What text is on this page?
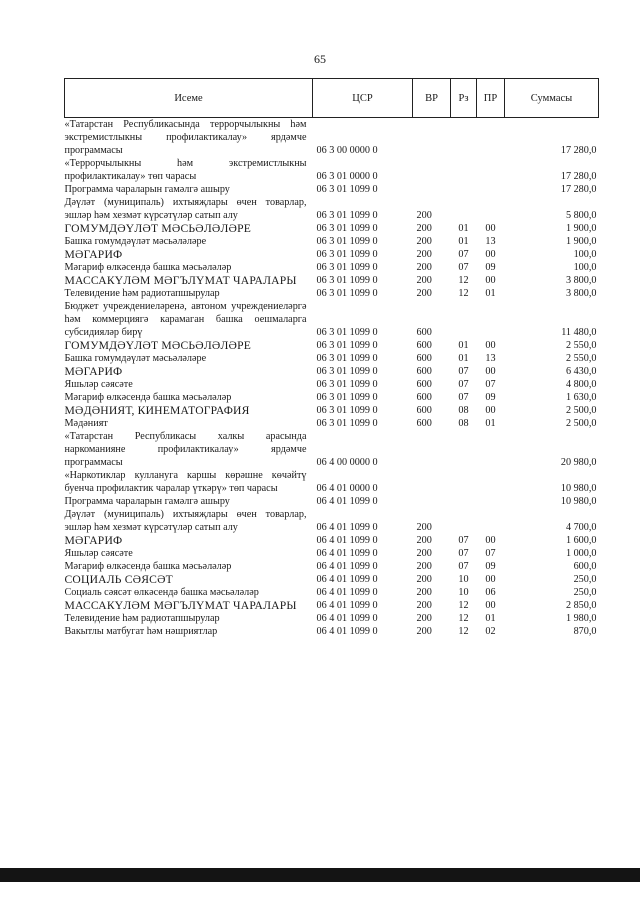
65
Исеме	ЦСР	ВР	Рз	ПР	Суммасы
«Татарстан Республикасында террорчылыкны һәм экстремистлыкны профилактикалау» ярдәмче программасы	06 3 00 0000 0				17 280,0
«Террорчылыкны һәм экстремистлыкны профилактикалау» төп чарасы	06 3 01 0000 0				17 280,0
Программа чараларын гамәлгә ашыру	06 3 01 1099 0				17 280,0
Дәүләт (муниципаль) ихтыяҗлары өчен товарлар, эшләр һәм хезмәт күрсәтүләр сатып алу	06 3 01 1099 0	200			5 800,0
ГОМУМДӘҮЛӘТ МӘСЬӘЛӘЛӘРЕ	06 3 01 1099 0	200	01	00	1 900,0
Башка гомумдәүләт мәсьәләләре	06 3 01 1099 0	200	01	13	1 900,0
МӘГАРИФ	06 3 01 1099 0	200	07	00	100,0
Мәгариф өлкәсендә башка мәсьәләләр	06 3 01 1099 0	200	07	09	100,0
МАССАКҮЛӘМ МӘГЪЛҮМАТ ЧАРАЛАРЫ	06 3 01 1099 0	200	12	00	3 800,0
Телевидение һәм радиотапшырулар	06 3 01 1099 0	200	12	01	3 800,0
Бюджет учреждениеләренә, автоном учреждениеләргә һәм коммерциягә карамаган башка оешмаларга субсидияләр бирү	06 3 01 1099 0	600			11 480,0
ГОМУМДӘҮЛӘТ МӘСЬӘЛӘЛӘРЕ	06 3 01 1099 0	600	01	00	2 550,0
Башка гомумдәүләт мәсьәләләре	06 3 01 1099 0	600	01	13	2 550,0
МӘГАРИФ	06 3 01 1099 0	600	07	00	6 430,0
Яшьләр сәясәте	06 3 01 1099 0	600	07	07	4 800,0
Мәгариф өлкәсендә башка мәсьәләләр	06 3 01 1099 0	600	07	09	1 630,0
МӘДӘНИЯТ, КИНЕМАТОГРАФИЯ	06 3 01 1099 0	600	08	00	2 500,0
Мәдәният	06 3 01 1099 0	600	08	01	2 500,0
«Татарстан Республикасы халкы арасында наркоманияне профилактикалау» ярдәмче программасы	06 4 00 0000 0				20 980,0
«Наркотиклар кулланугa каршы көрәшне көчәйтү буенча профилактик чаралар үткәрү» төп чарасы	06 4 01 0000 0				10 980,0
Программа чараларын гамәлгә ашыру	06 4 01 1099 0				10 980,0
Дәүләт (муниципаль) ихтыяҗлары өчен товарлар, эшләр һәм хезмәт күрсәтүләр сатып алу	06 4 01 1099 0	200			4 700,0
МӘГАРИФ	06 4 01 1099 0	200	07	00	1 600,0
Яшьләр сәясәте	06 4 01 1099 0	200	07	07	1 000,0
Мәгариф өлкәсендә башка мәсьәләләр	06 4 01 1099 0	200	07	09	600,0
СОЦИАЛЬ СӘЯСӘТ	06 4 01 1099 0	200	10	00	250,0
Социаль сәясәт өлкәсендә башка мәсьәләләр	06 4 01 1099 0	200	10	06	250,0
МАССАКҮЛӘМ МӘГЪЛҮМАТ ЧАРАЛАРЫ	06 4 01 1099 0	200	12	00	2 850,0
Телевидение һәм радиотапшырулар	06 4 01 1099 0	200	12	01	1 980,0
Вакытлы матбугат һәм нәшриятлар	06 4 01 1099 0	200	12	02	870,0
